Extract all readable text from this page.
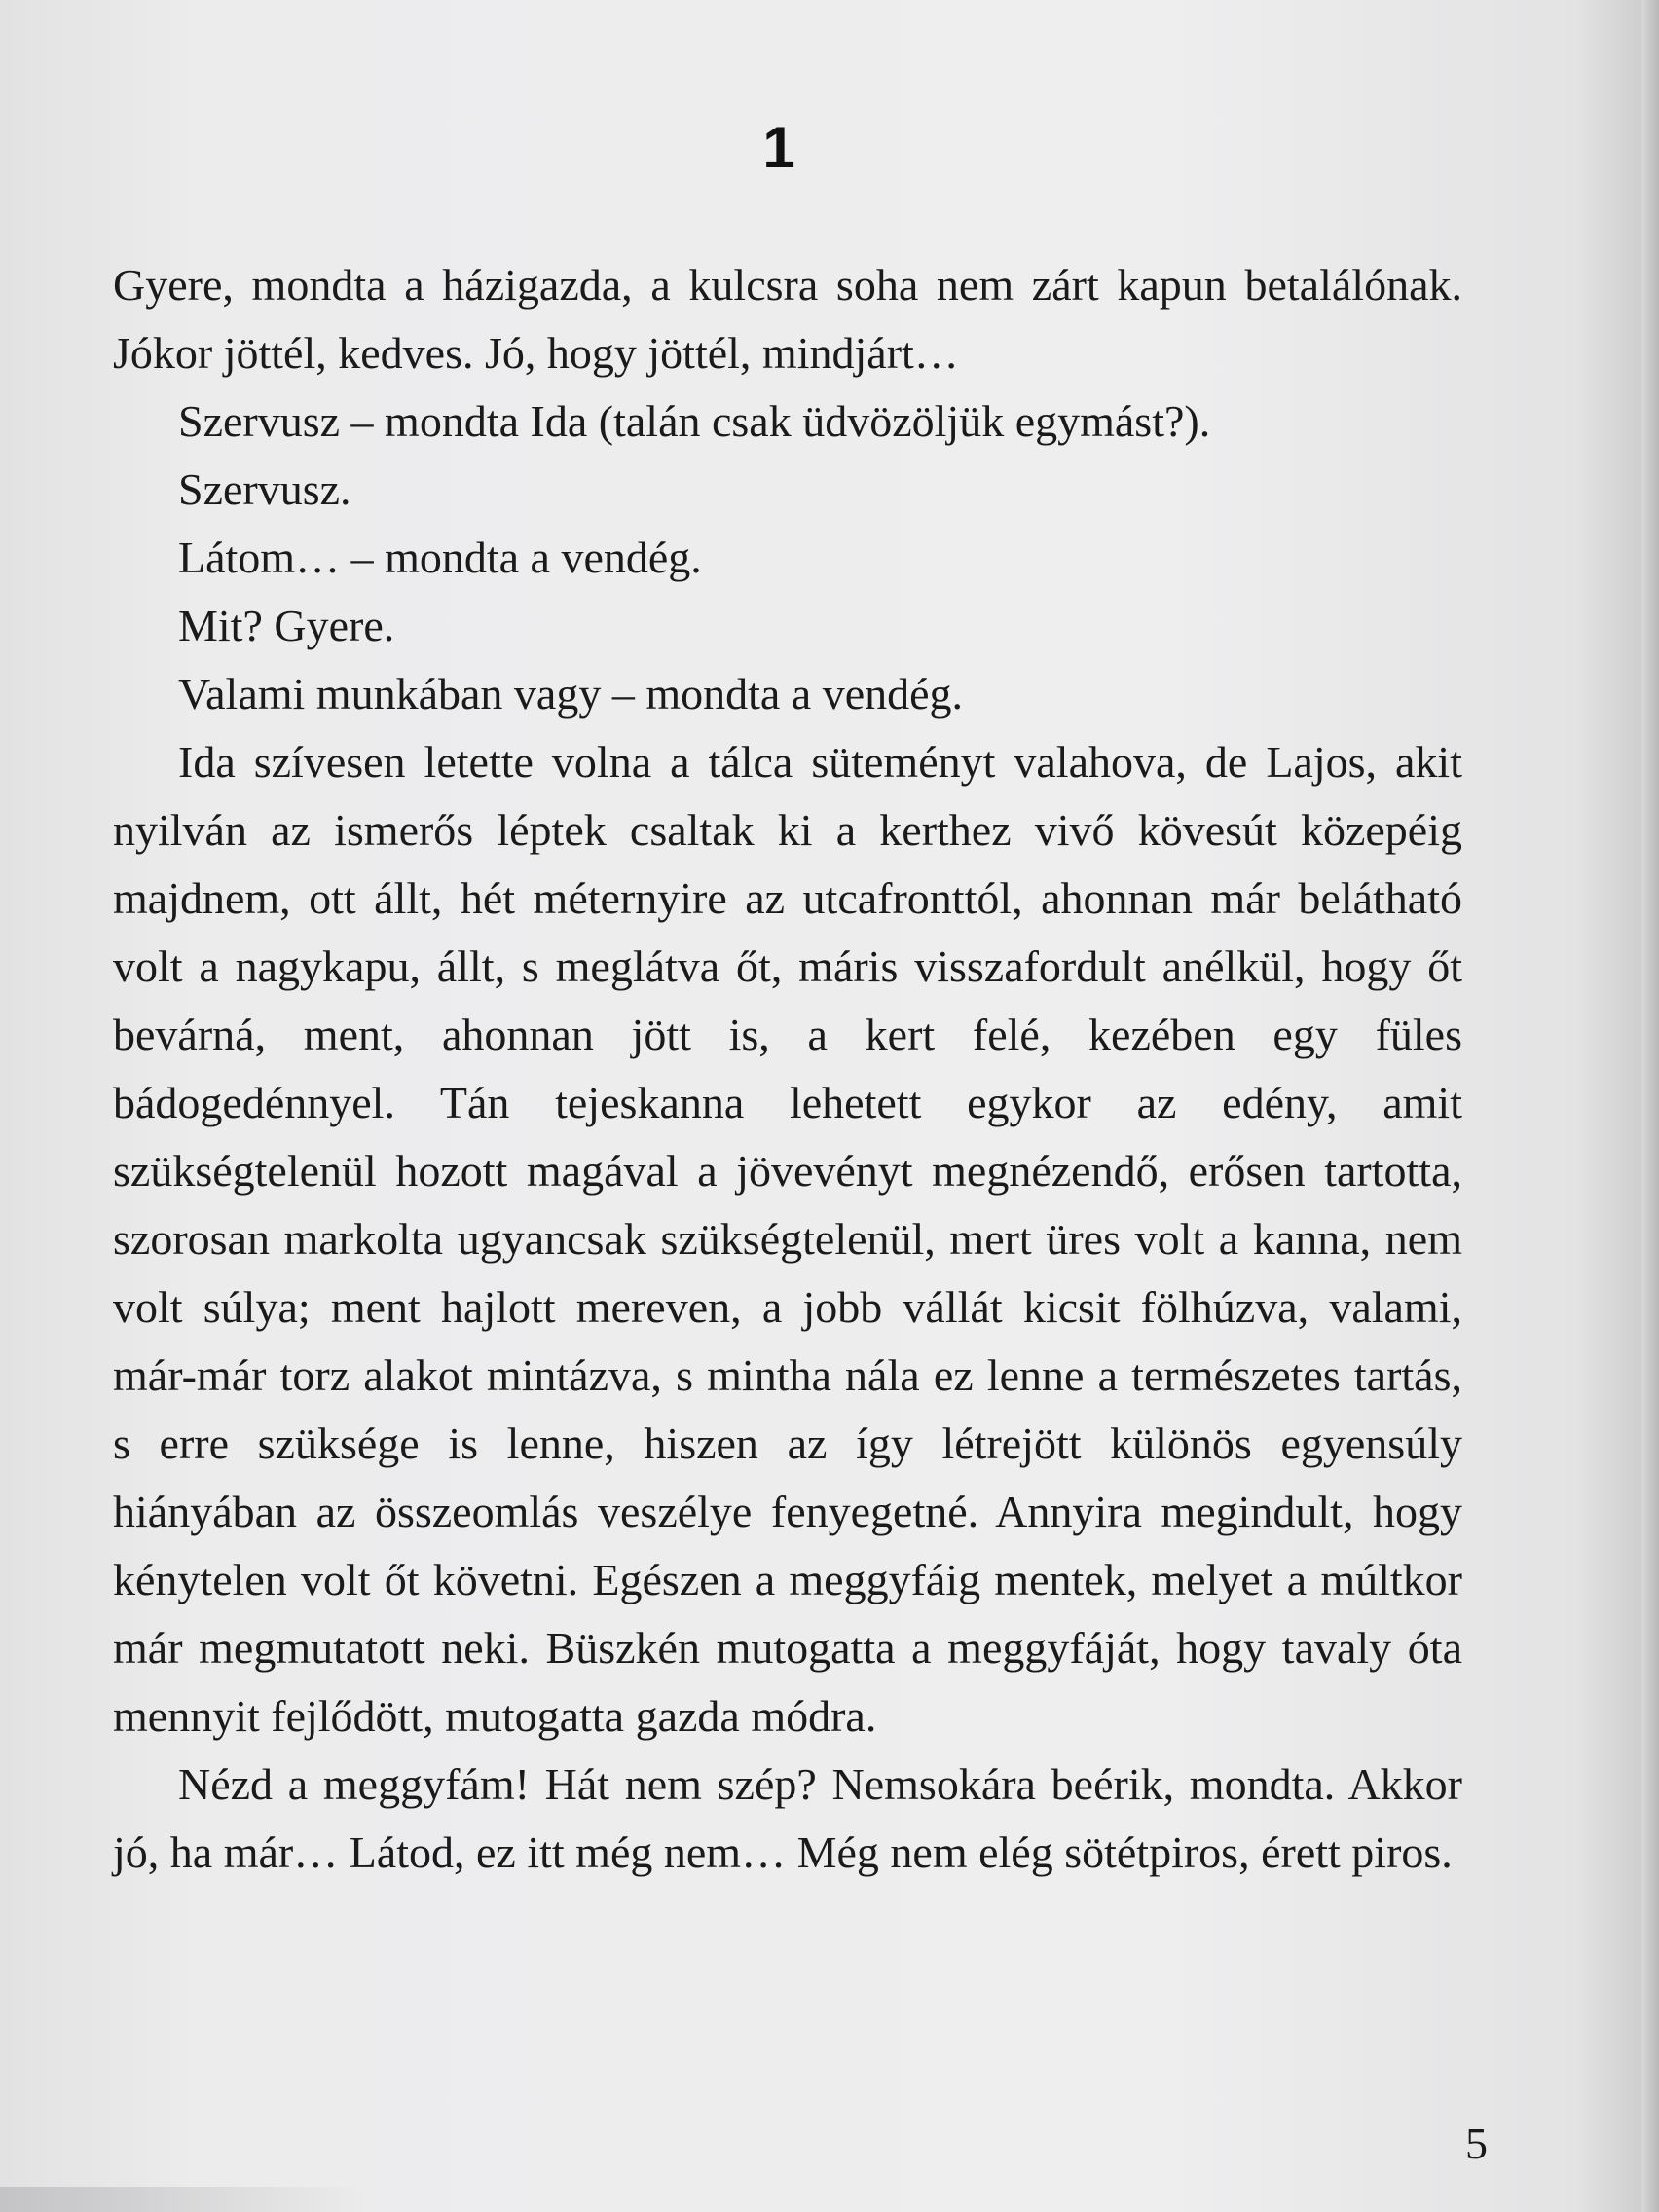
1

Gyere, mondta a házigazda, a kulcsra soha nem zárt kapun betalálónak. Jókor jöttél, kedves. Jó, hogy jöttél, mindjárt…

Szervusz – mondta Ida (talán csak üdvözöljük egymást?).

Szervusz.

Látom… – mondta a vendég.

Mit? Gyere.

Valami munkában vagy – mondta a vendég.

Ida szívesen letette volna a tálca süteményt valahova, de Lajos, akit nyilván az ismerős léptek csaltak ki a kerthez vivő kövesút közepéig majdnem, ott állt, hét méternyire az utcafronttól, ahonnan már belátható volt a nagykapu, állt, s meglátva őt, máris visszafordult anélkül, hogy őt bevárná, ment, ahonnan jött is, a kert felé, kezében egy füles bádogedénnyel. Tán tejeskanna lehetett egykor az edény, amit szükségtelenül hozott magával a jövevényt megnézendő, erősen tartotta, szorosan markolta ugyancsak szükségtelenül, mert üres volt a kanna, nem volt súlya; ment hajlott mereven, a jobb vállát kicsit fölhúzva, valami, már-már torz alakot mintázva, s mintha nála ez lenne a természetes tartás, s erre szüksége is lenne, hiszen az így létrejött különös egyensúly hiányában az összeomlás veszélye fenyegetné. Annyira megindult, hogy kénytelen volt őt követni. Egészen a meggyfáig mentek, melyet a múltkor már megmutatott neki. Büszkén mutogatta a meggyfáját, hogy tavaly óta mennyit fejlődött, mutogatta gazda módra.

Nézd a meggyfám! Hát nem szép? Nemsokára beérik, mondta. Akkor jó, ha már… Látod, ez itt még nem… Még nem elég sötétpiros, érett piros.

5
